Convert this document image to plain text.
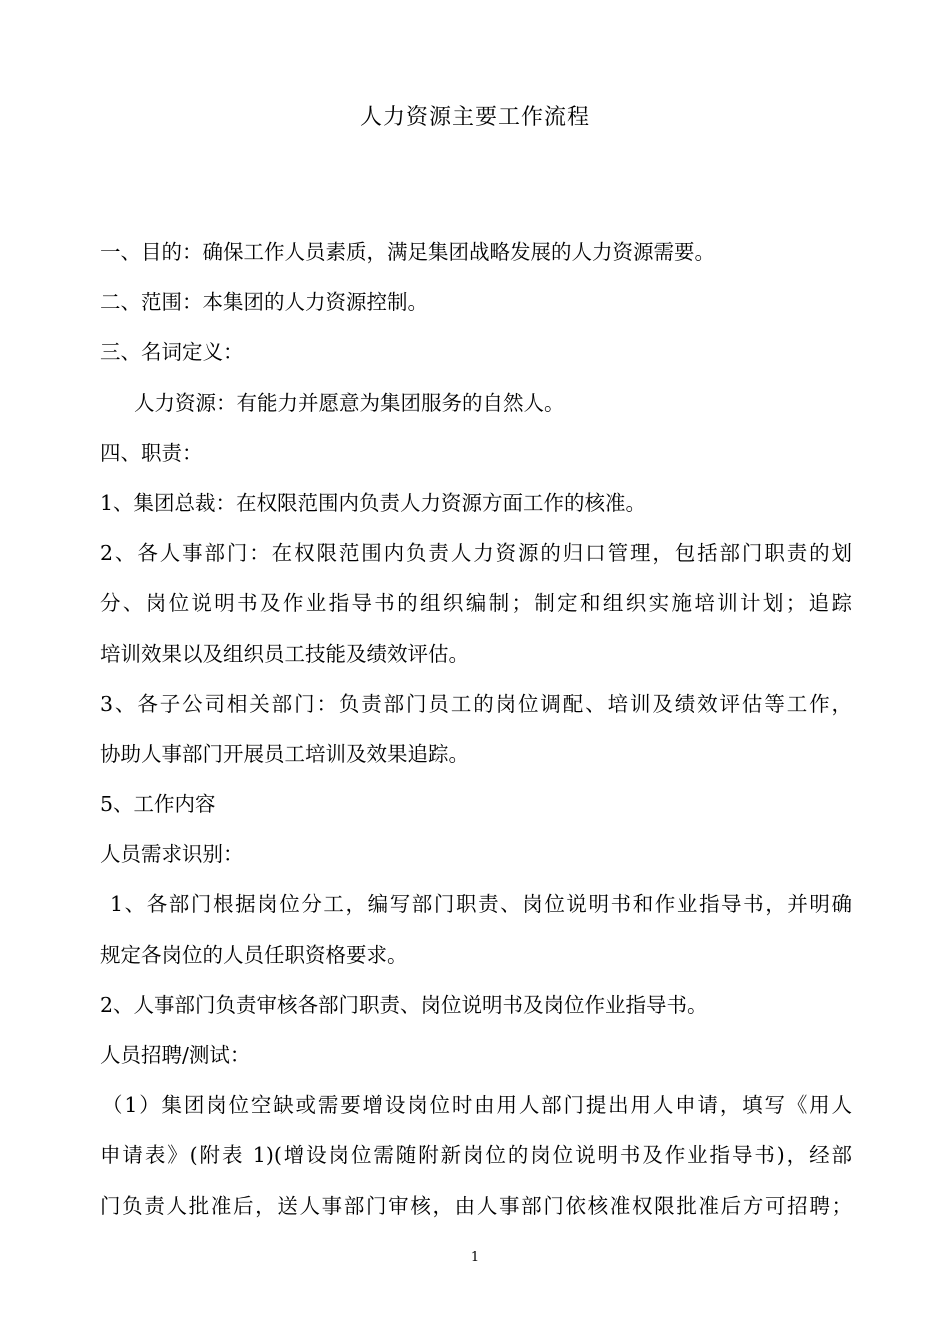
人力资源主要工作流程
一、目的：确保工作人员素质，满足集团战略发展的人力资源需要。
二、范围：本集团的人力资源控制。
三、名词定义：
人力资源：有能力并愿意为集团服务的自然人。
四、职责：
1、集团总裁：在权限范围内负责人力资源方面工作的核准。
2、各人事部门：在权限范围内负责人力资源的归口管理，包括部门职责的划
分、岗位说明书及作业指导书的组织编制；制定和组织实施培训计划；追踪
培训效果以及组织员工技能及绩效评估。
3、各子公司相关部门：负责部门员工的岗位调配、培训及绩效评估等工作，
协助人事部门开展员工培训及效果追踪。
5、工作内容
人员需求识别：
1、各部门根据岗位分工，编写部门职责、岗位说明书和作业指导书，并明确
规定各岗位的人员任职资格要求。
2、人事部门负责审核各部门职责、岗位说明书及岗位作业指导书。
人员招聘/测试：
（1）集团岗位空缺或需要增设岗位时由用人部门提出用人申请，填写《用人
申请表》(附表 1)(增设岗位需随附新岗位的岗位说明书及作业指导书)，经部
门负责人批准后，送人事部门审核，由人事部门依核准权限批准后方可招聘；
1
